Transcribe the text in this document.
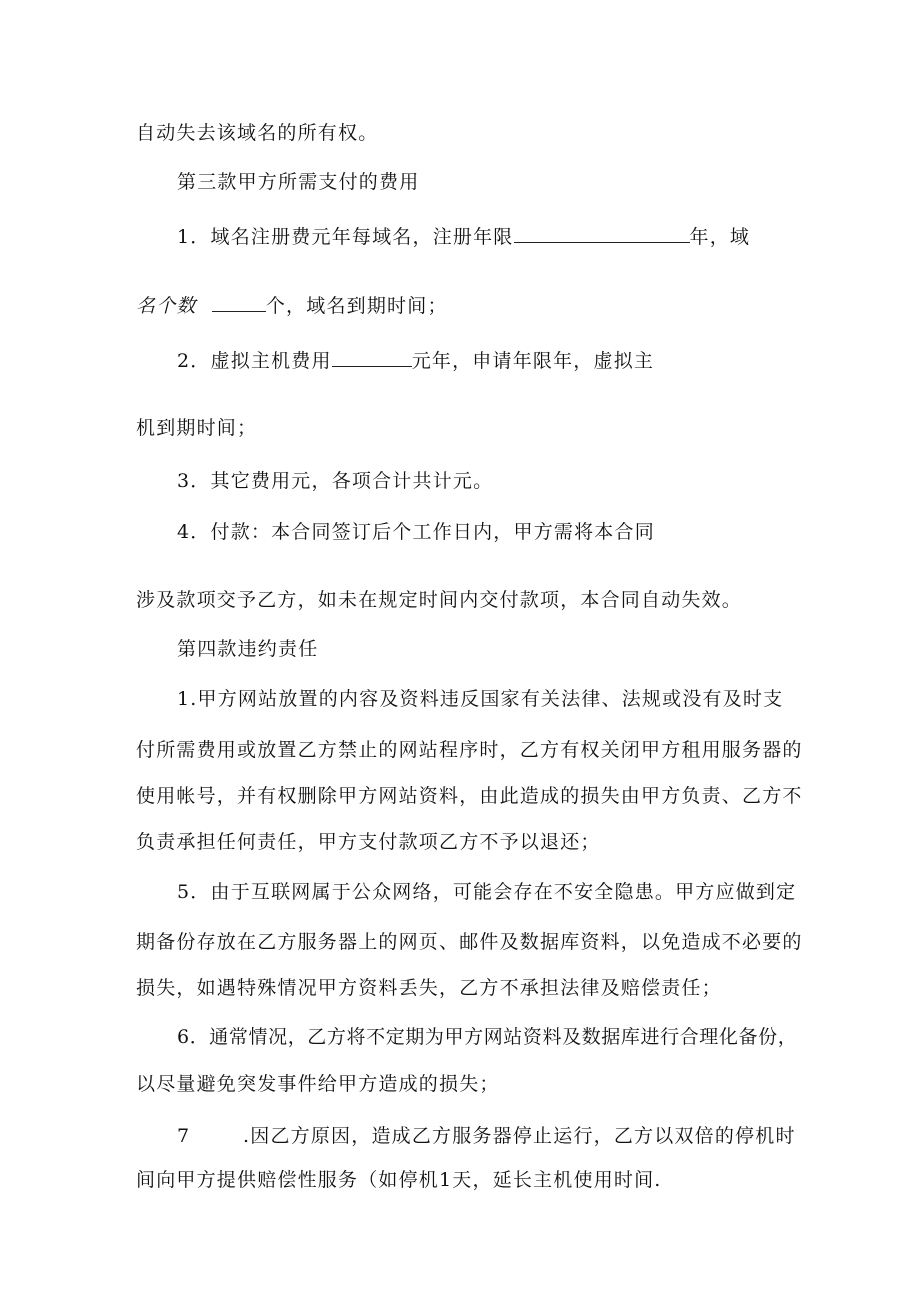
自动失去该域名的所有权。
第三款甲方所需支付的费用
1．域名注册费元年每域名，注册年限	年，域
名个数	个，域名到期时间；
2．虚拟主机费用	元年，申请年限年，虚拟主
机到期时间；
3．其它费用元，各项合计共计元。
4．付款：本合同签订后个工作日内，甲方需将本合同
涉及款项交予乙方，如未在规定时间内交付款项，本合同自动失效。
第四款违约责任
1.甲方网站放置的内容及资料违反国家有关法律、法规或没有及时支
付所需费用或放置乙方禁止的网站程序时，乙方有权关闭甲方租用服务器的
使用帐号，并有权删除甲方网站资料，由此造成的损失由甲方负责、乙方不
负责承担任何责任，甲方支付款项乙方不予以退还；
5．由于互联网属于公众网络，可能会存在不安全隐患。甲方应做到定
期备份存放在乙方服务器上的网页、邮件及数据库资料，以免造成不必要的
损失，如遇特殊情况甲方资料丢失，乙方不承担法律及赔偿责任；
6．通常情况，乙方将不定期为甲方网站资料及数据库进行合理化备份，
以尽量避免突发事件给甲方造成的损失；
7	.因乙方原因，造成乙方服务器停止运行，乙方以双倍的停机时
间向甲方提供赔偿性服务（如停机1天，延长主机使用时间.
